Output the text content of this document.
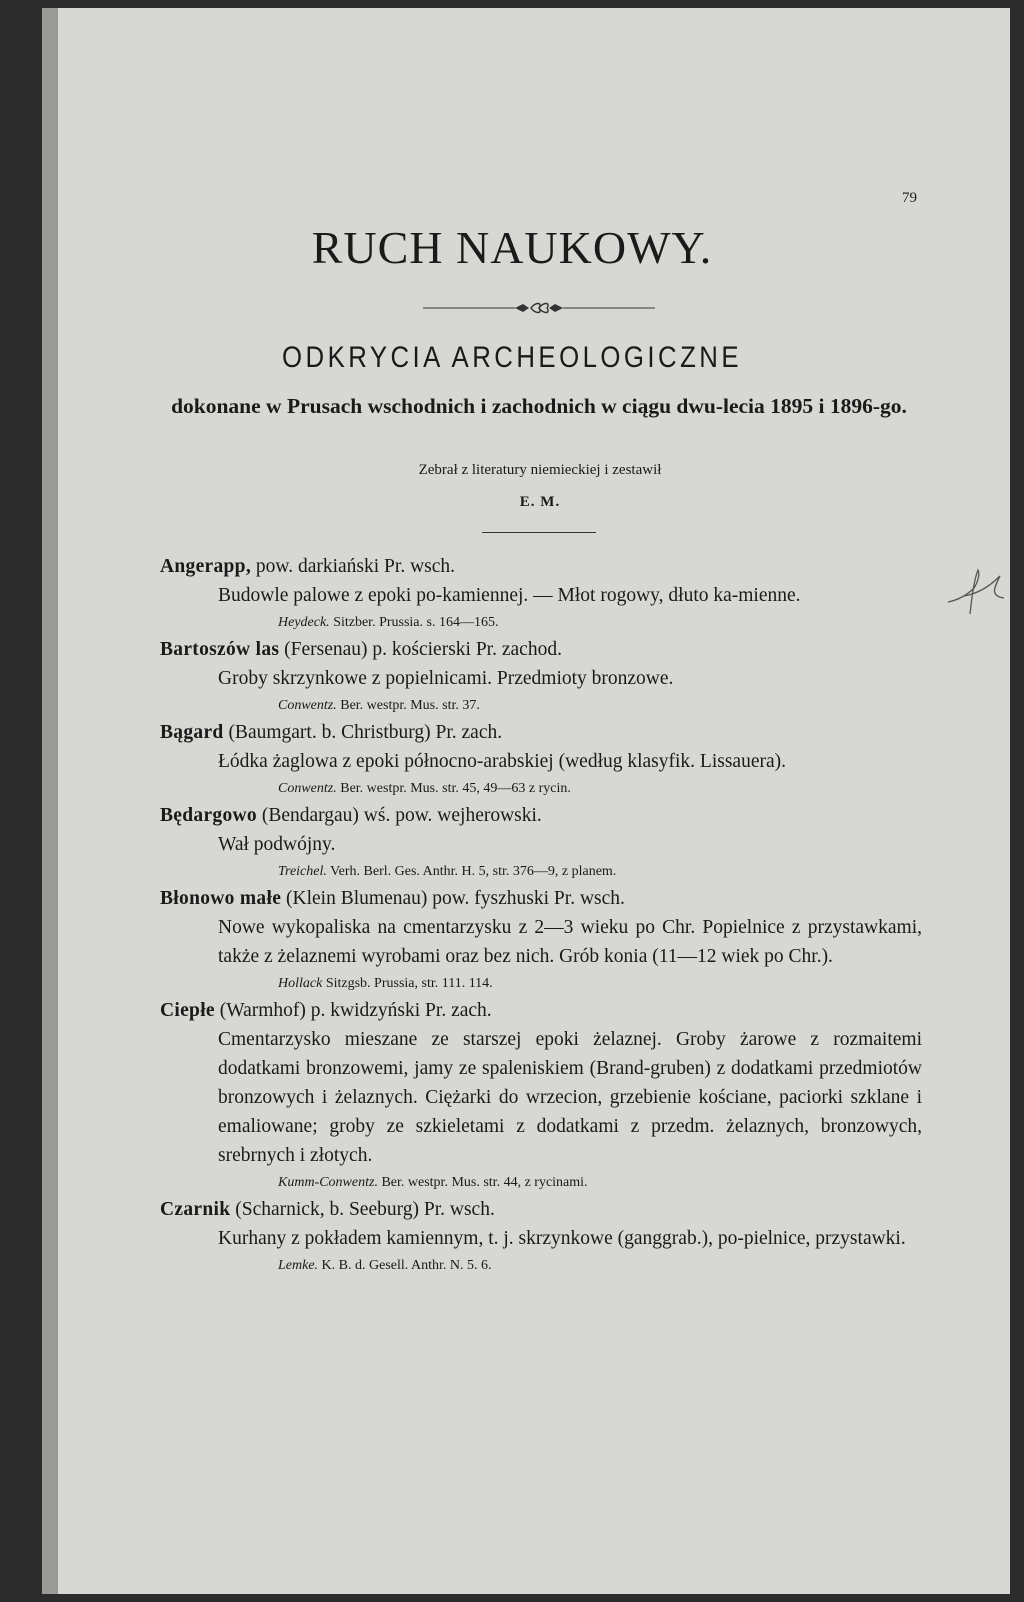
79
RUCH NAUKOWY.
ODKRYCIA ARCHEOLOGICZNE
dokonane w Prusach wschodnich i zachodnich w ciągu dwu-lecia 1895 i 1896-go.
Zebrał z literatury niemieckiej i zestawił
E. M.
Angerapp, pow. darkiański Pr. wsch.
Budowle palowe z epoki po-kamiennej. — Młot rogowy, dłuto ka-mienne.
Heydeck. Sitzber. Prussia. s. 164—165.
Bartoszów las (Fersenau) p. kościerski Pr. zachod.
Groby skrzynkowe z popielnicami. Przedmioty bronzowe.
Conwentz. Ber. westpr. Mus. str. 37.
Bągard (Baumgart. b. Christburg) Pr. zach.
Łódka żaglowa z epoki północno-arabskiej (według klasyfik. Lissauera).
Conwentz. Ber. westpr. Mus. str. 45, 49—63 z rycin.
Będargowo (Bendargau) wś. pow. wejherowski.
Wał podwójny.
Treichel. Verh. Berl. Ges. Anthr. H. 5, str. 376—9, z planem.
Błonowo małe (Klein Blumenau) pow. fyszhuski Pr. wsch.
Nowe wykopaliska na cmentarzysku z 2—3 wieku po Chr. Popielnice z przystawkami, także z żelaznemi wyrobami oraz bez nich. Grób konia (11—12 wiek po Chr.).
Hollack Sitzgsb. Prussia, str. 111. 114.
Ciepłe (Warmhof) p. kwidzyński Pr. zach.
Cmentarzysko mieszane ze starszej epoki żelaznej. Groby żarowe z rozmaitemi dodatkami bronzowemi, jamy ze spaleniskiem (Brand-gruben) z dodatkami przedmiotów bronzowych i żelaznych. Ciężarki do wrzecion, grzebienie kościane, paciorki szklane i emaliowane; groby ze szkieletami z dodatkami z przedm. żelaznych, bronzowych, srebrnych i złotych.
Kumm-Conwentz. Ber. westpr. Mus. str. 44, z rycinami.
Czarnik (Scharnick, b. Seeburg) Pr. wsch.
Kurhany z pokładem kamiennym, t. j. skrzynkowe (ganggrab.), po-pielnice, przystawki.
Lemke. K. B. d. Gesell. Anthr. N. 5. 6.
